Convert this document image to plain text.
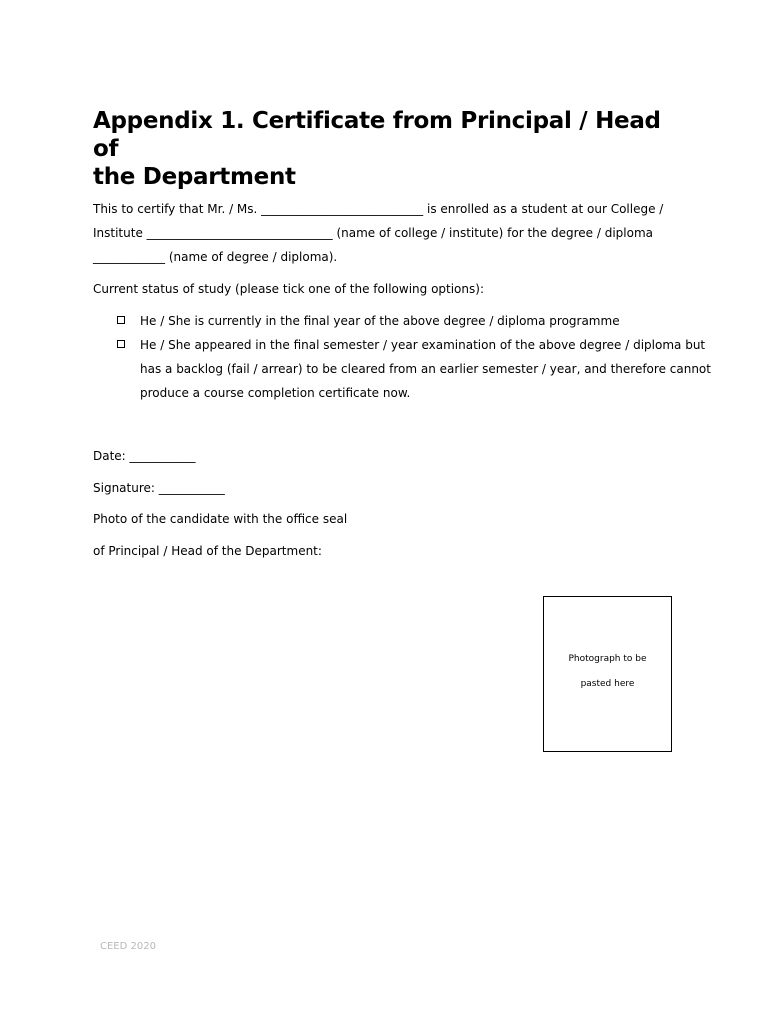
Appendix 1. Certificate from Principal / Head of
the Department
This to certify that Mr. / Ms. ___________________________ is enrolled as a student at our College /
Institute _______________________________ (name of college / institute) for the degree / diploma
____________ (name of degree / diploma).
Current status of study (please tick one of the following options):
He / She is currently in the final year of the above degree / diploma programme
He / She appeared in the final semester / year examination of the above degree / diploma but
has a backlog (fail / arrear) to be cleared from an earlier semester / year, and therefore cannot
produce a course completion certificate now.
Date: ___________
Signature: ___________
Photo of the candidate with the office seal
of Principal / Head of the Department:
Photograph to be
pasted here
CEED 2020
